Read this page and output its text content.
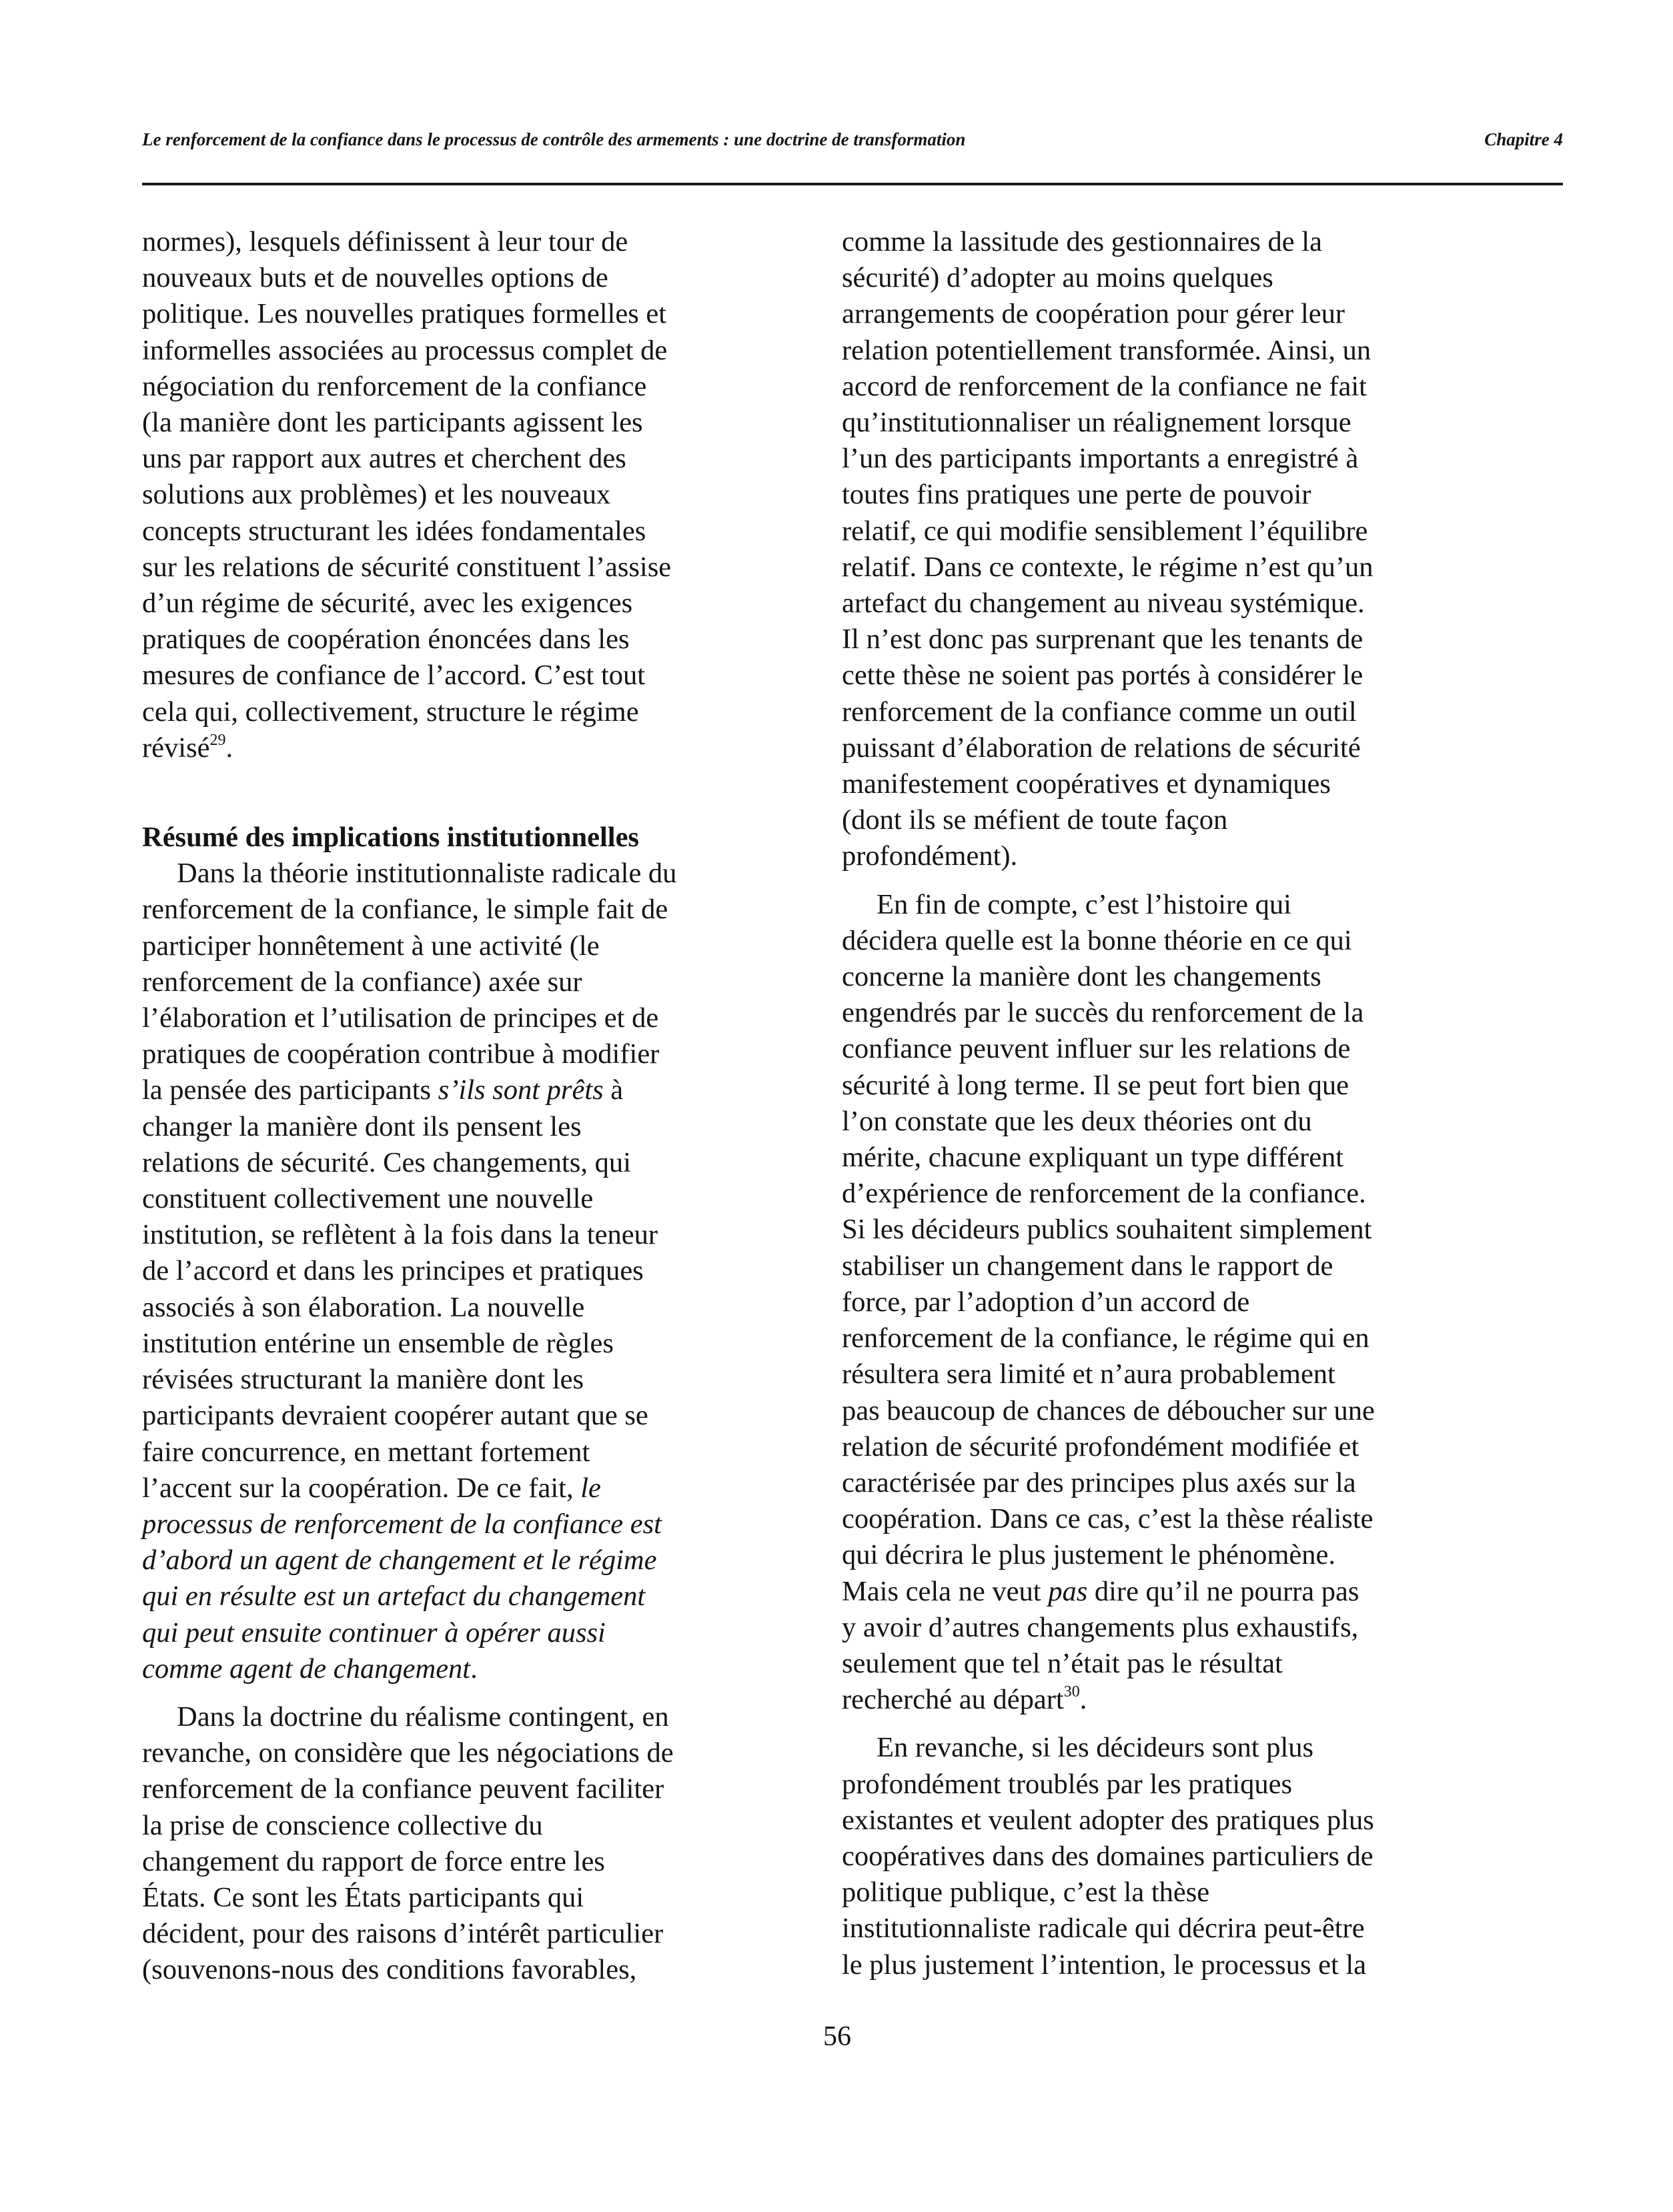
Le renforcement de la confiance dans le processus de contrôle des armements : une doctrine de transformation	Chapitre 4

normes), lesquels définissent à leur tour de
nouveaux buts et de nouvelles options de
politique. Les nouvelles pratiques formelles et
informelles associées au processus complet de
négociation du renforcement de la confiance
(la manière dont les participants agissent les
uns par rapport aux autres et cherchent des
solutions aux problèmes) et les nouveaux
concepts structurant les idées fondamentales
sur les relations de sécurité constituent l’assise
d’un régime de sécurité, avec les exigences
pratiques de coopération énoncées dans les
mesures de confiance de l’accord. C’est tout
cela qui, collectivement, structure le régime
révisé$^{29}$.

Résumé des implications institutionnelles

Dans la théorie institutionnaliste radicale du
renforcement de la confiance, le simple fait de
participer honnêtement à une activité (le
renforcement de la confiance) axée sur
l’élaboration et l’utilisation de principes et de
pratiques de coopération contribue à modifier
la pensée des participants s’ils sont prêts à
changer la manière dont ils pensent les
relations de sécurité. Ces changements, qui
constituent collectivement une nouvelle
institution, se reflètent à la fois dans la teneur
de l’accord et dans les principes et pratiques
associés à son élaboration. La nouvelle
institution entérine un ensemble de règles
révisées structurant la manière dont les
participants devraient coopérer autant que se
faire concurrence, en mettant fortement
l’accent sur la coopération. De ce fait, le
processus de renforcement de la confiance est
d’abord un agent de changement et le régime
qui en résulte est un artefact du changement
qui peut ensuite continuer à opérer aussi
comme agent de changement.

Dans la doctrine du réalisme contingent, en
revanche, on considère que les négociations de
renforcement de la confiance peuvent faciliter
la prise de conscience collective du
changement du rapport de force entre les
États. Ce sont les États participants qui
décident, pour des raisons d’intérêt particulier
(souvenons-nous des conditions favorables,

comme la lassitude des gestionnaires de la
sécurité) d’adopter au moins quelques
arrangements de coopération pour gérer leur
relation potentiellement transformée. Ainsi, un
accord de renforcement de la confiance ne fait
qu’institutionnaliser un réalignement lorsque
l’un des participants importants a enregistré à
toutes fins pratiques une perte de pouvoir
relatif, ce qui modifie sensiblement l’équilibre
relatif. Dans ce contexte, le régime n’est qu’un
artefact du changement au niveau systémique.
Il n’est donc pas surprenant que les tenants de
cette thèse ne soient pas portés à considérer le
renforcement de la confiance comme un outil
puissant d’élaboration de relations de sécurité
manifestement coopératives et dynamiques
(dont ils se méfient de toute façon
profondément).

En fin de compte, c’est l’histoire qui
décidera quelle est la bonne théorie en ce qui
concerne la manière dont les changements
engendrés par le succès du renforcement de la
confiance peuvent influer sur les relations de
sécurité à long terme. Il se peut fort bien que
l’on constate que les deux théories ont du
mérite, chacune expliquant un type différent
d’expérience de renforcement de la confiance.
Si les décideurs publics souhaitent simplement
stabiliser un changement dans le rapport de
force, par l’adoption d’un accord de
renforcement de la confiance, le régime qui en
résultera sera limité et n’aura probablement
pas beaucoup de chances de déboucher sur une
relation de sécurité profondément modifiée et
caractérisée par des principes plus axés sur la
coopération. Dans ce cas, c’est la thèse réaliste
qui décrira le plus justement le phénomène.
Mais cela ne veut pas dire qu’il ne pourra pas
y avoir d’autres changements plus exhaustifs,
seulement que tel n’était pas le résultat
recherché au départ$^{30}$.

En revanche, si les décideurs sont plus
profondément troublés par les pratiques
existantes et veulent adopter des pratiques plus
coopératives dans des domaines particuliers de
politique publique, c’est la thèse
institutionnaliste radicale qui décrira peut-être
le plus justement l’intention, le processus et la

56
